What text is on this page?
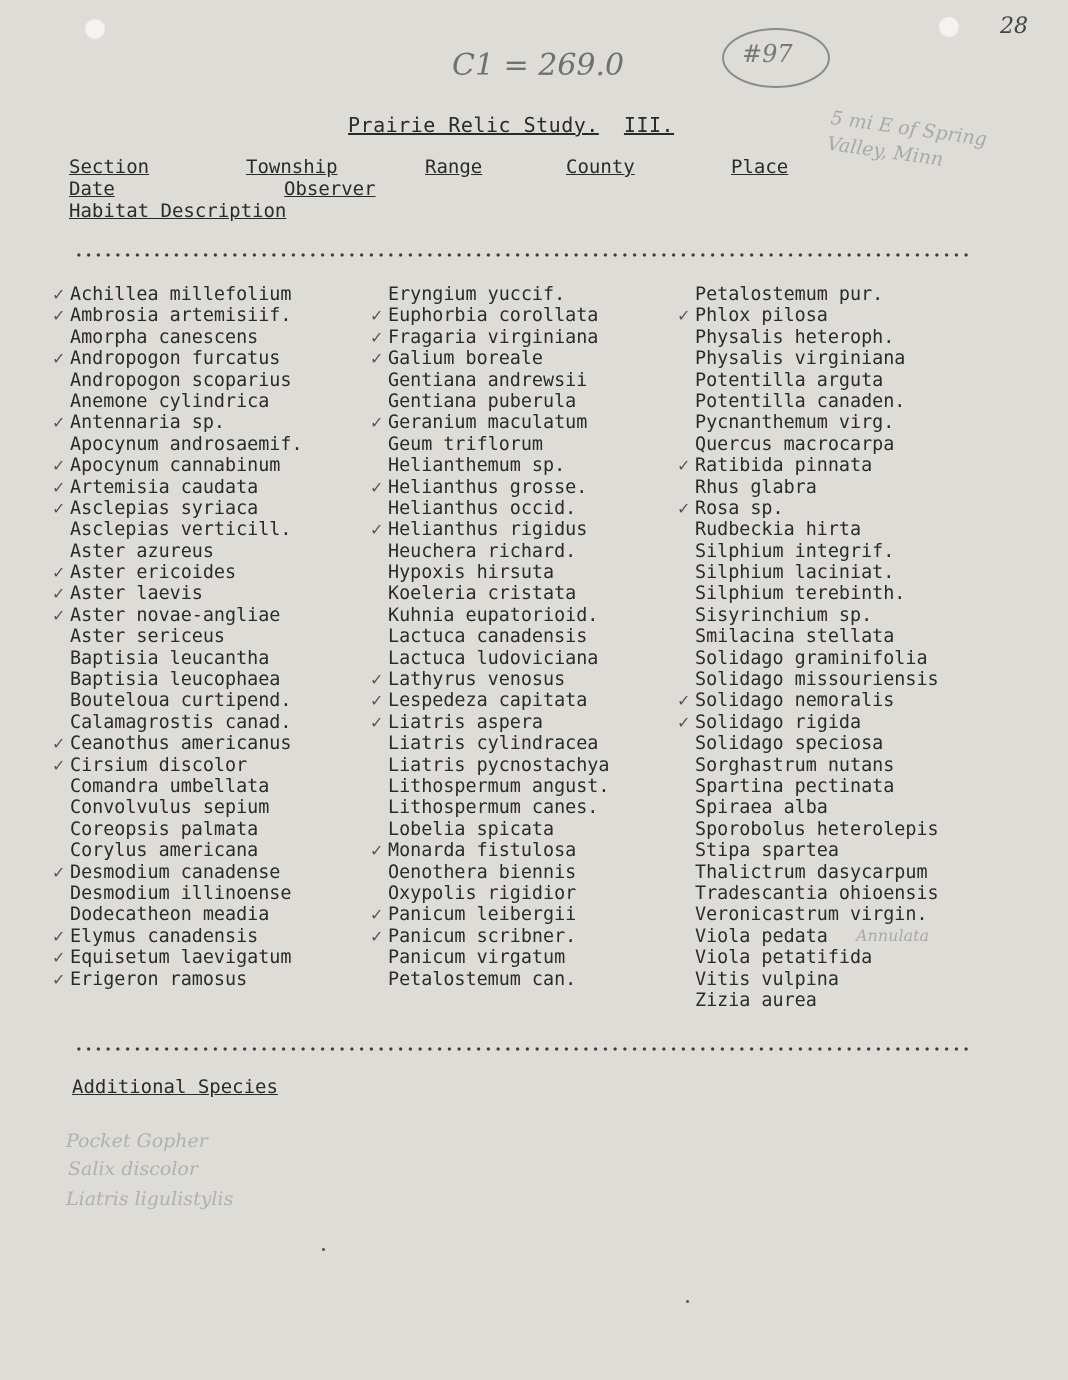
28
C1 = 269.0	#97
5 mi E of Spring Valley, Minn
Prairie Relic Study. III.
Section	Township	Range	County	Place
Date	Observer
Habitat Description
✓ Achillea millefolium
✓ Ambrosia artemisiif.
Amorpha canescens
✓ Andropogon furcatus
Andropogon scoparius
Anemone cylindrica
✓ Antennaria sp.
Apocynum androsaemif.
✓ Apocynum cannabinum
✓ Artemisia caudata
✓ Asclepias syriaca
Asclepias verticill.
Aster azureus
✓ Aster ericoides
✓ Aster laevis
✓ Aster novae-angliae
Aster sericeus
Baptisia leucantha
Baptisia leucophaea
Bouteloua curtipend.
Calamagrostis canad.
✓ Ceanothus americanus
✓ Cirsium discolor
Comandra umbellata
Convolvulus sepium
Coreopsis palmata
Corylus americana
✓ Desmodium canadense
Desmodium illinoense
Dodecatheon meadia
✓ Elymus canadensis
✓ Equisetum laevigatum
✓ Erigeron ramosus
Eryngium yuccif.
✓ Euphorbia corollata
✓ Fragaria virginiana
✓ Galium boreale
Gentiana andrewsii
Gentiana puberula
✓ Geranium maculatum
Geum triflorum
Helianthemum sp.
✓ Helianthus grosse.
Helianthus occid.
✓ Helianthus rigidus
Heuchera richard.
Hypoxis hirsuta
Koeleria cristata
Kuhnia eupatorioid.
Lactuca canadensis
Lactuca ludoviciana
✓ Lathyrus venosus
✓ Lespedeza capitata
✓ Liatris aspera
Liatris cylindracea
Liatris pycnostachya
Lithospermum angust.
Lithospermum canes.
Lobelia spicata
✓ Monarda fistulosa
Oenothera biennis
Oxypolis rigidior
✓ Panicum leibergii
✓ Panicum scribner.
Panicum virgatum
Petalostemum can.
Petalostemum pur.
✓ Phlox pilosa
Physalis heteroph.
Physalis virginiana
Potentilla arguta
Potentilla canaden.
Pycnanthemum virg.
Quercus macrocarpa
✓ Ratibida pinnata
Rhus glabra
✓ Rosa sp.
Rudbeckia hirta
Silphium integrif.
Silphium laciniat.
Silphium terebinth.
Sisyrinchium sp.
Smilacina stellata
Solidago graminifolia
Solidago missouriensis
✓ Solidago nemoralis
✓ Solidago rigida
Solidago speciosa
Sorghastrum nutans
Spartina pectinata
Spiraea alba
Sporobolus heterolepis
Stipa spartea
Thalictrum dasycarpum
Tradescantia ohioensis
Veronicastrum virgin.
Viola pedata
Viola petatifida
Vitis vulpina
Zizia aurea
Annulata
Additional Species
Pocket Gopher
Salix discolor
Liatris ligulistylis
